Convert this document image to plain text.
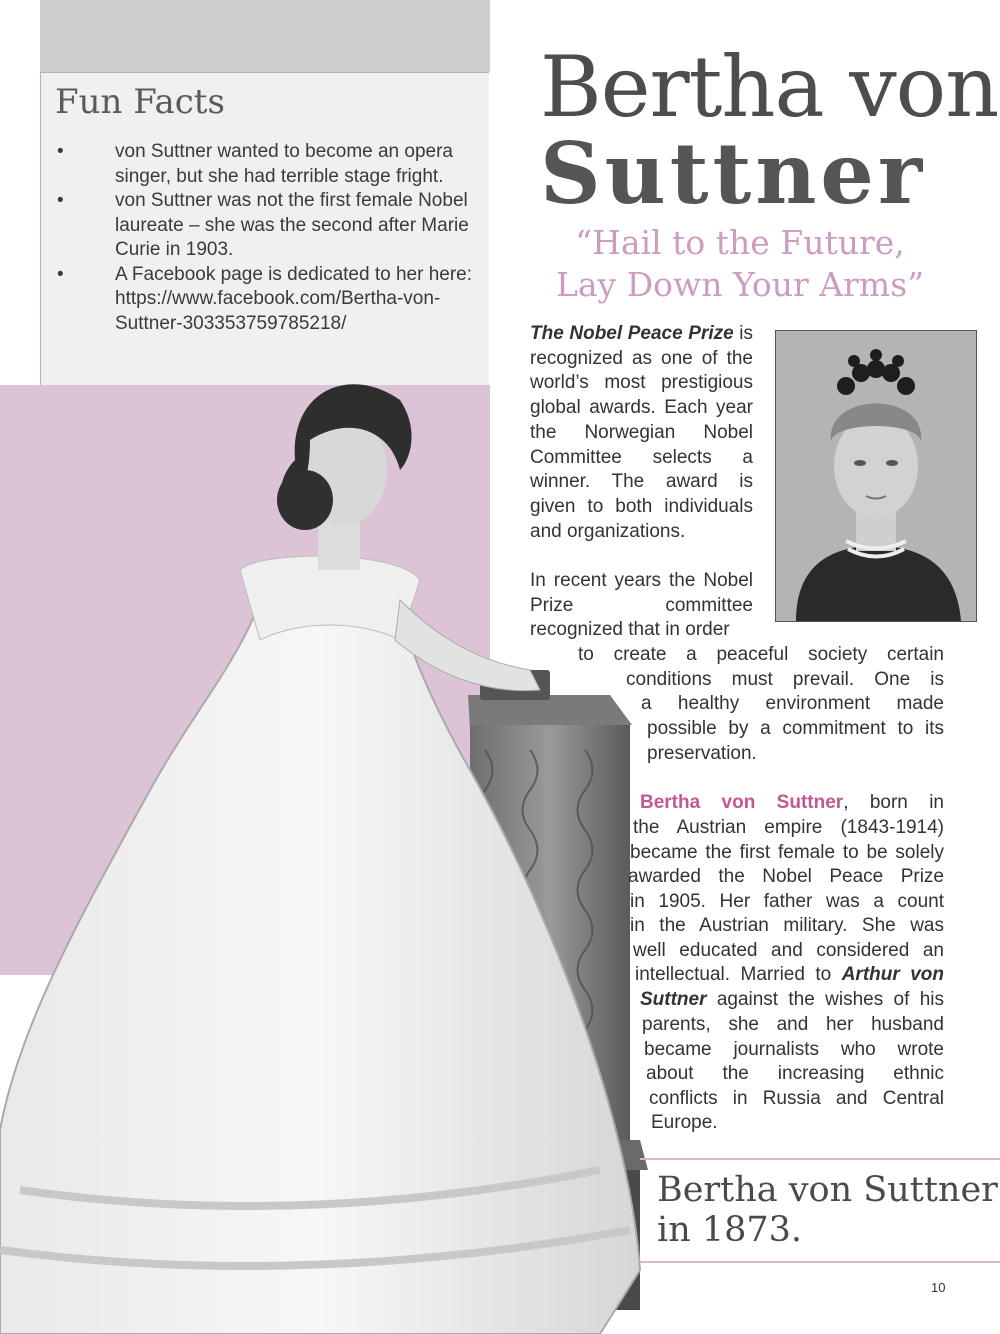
Fun Facts
•	von Suttner wanted to become an opera singer, but she had terrible stage fright.
•	von Suttner was not the first female Nobel laureate – she was the second after Marie Curie in 1903.
•	A Facebook page is dedicated to her here: https://www.facebook.com/Bertha-von-Suttner-303353759785218/
Bertha von
Suttner
“Hail to the Future,
Lay Down Your Arms”
The Nobel Peace Prize is recognized as one of the world’s most prestigious global awards. Each year the Norwegian Nobel Committee selects a winner. The award is given to both individuals and organizations.
In recent years the Nobel Prize committee recognized that in order
to create a peaceful society certain
conditions must prevail. One is
a healthy environment made
possible by a commitment to its
preservation.
Bertha von Suttner, born in
the Austrian empire (1843-1914)
became the first female to be solely
awarded the Nobel Peace Prize
in 1905. Her father was a count
in the Austrian military. She was
well educated and considered an
intellectual. Married to Arthur von
Suttner against the wishes of his
parents, she and her husband
became journalists who wrote
about the increasing ethnic
conflicts in Russia and Central
Europe.
Bertha von Suttner
in 1873.
10
